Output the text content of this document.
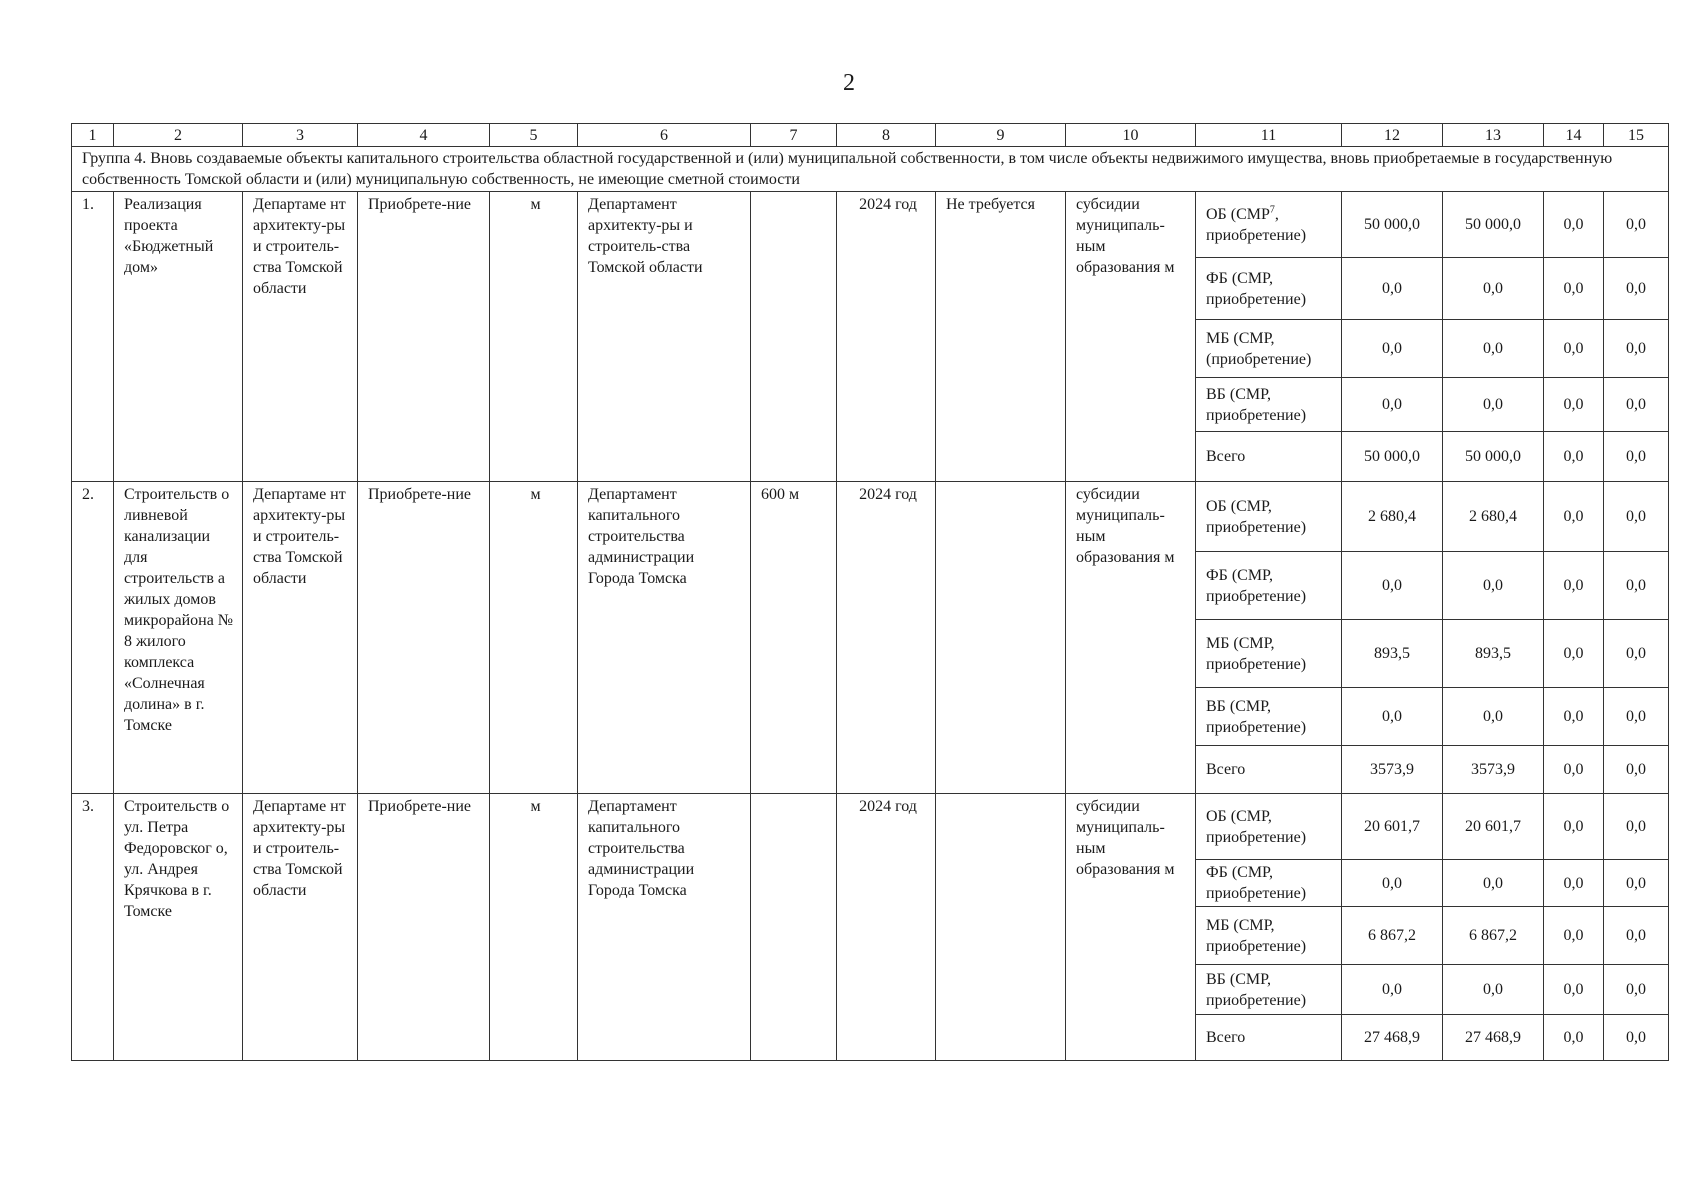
2
1	2	3	4	5	6	7	8	9	10	11	12	13	14	15
Группа 4. Вновь создаваемые объекты капитального строительства областной государственной и (или) муниципальной собственности, в том числе объекты недвижимого имущества, вновь приобретаемые в государственную собственность Томской области и (или) муниципальную собственность, не имеющие сметной стоимости														
1.	Реализация проекта «Бюджетный дом»	Департаме нт архитекту-ры и строитель-ства Томской области	Приобрете-ние	м	Департамент архитекту-ры и строитель-ства Томской области		2024 год	Не требуется	субсидии муниципаль-ным образования м	ОБ (СМР$^7$, приобретение)	50 000,0	50 000,0	0,0	0,0
										ФБ (СМР, приобретение)	0,0	0,0	0,0	0,0
										МБ (СМР, (приобретение)	0,0	0,0	0,0	0,0
										ВБ (СМР, приобретение)	0,0	0,0	0,0	0,0
										Всего	50 000,0	50 000,0	0,0	0,0
2.	Строительств о ливневой канализации для строительств а жилых домов микрорайона № 8 жилого комплекса «Солнечная долина» в г. Томске	Департаме нт архитекту-ры и строитель-ства Томской области	Приобрете-ние	м	Департамент капитального строительства администрации Города Томска	600 м	2024 год		субсидии муниципаль-ным образования м	ОБ (СМР, приобретение)	2 680,4	2 680,4	0,0	0,0
										ФБ (СМР, приобретение)	0,0	0,0	0,0	0,0
										МБ (СМР, приобретение)	893,5	893,5	0,0	0,0
										ВБ (СМР, приобретение)	0,0	0,0	0,0	0,0
										Всего	3573,9	3573,9	0,0	0,0
3.	Строительств о ул. Петра Федоровског о, ул. Андрея Крячкова в г. Томске	Департаме нт архитекту-ры и строитель-ства Томской области	Приобрете-ние	м	Департамент капитального строительства администрации Города Томска		2024 год		субсидии муниципаль-ным образования м	ОБ (СМР, приобретение)	20 601,7	20 601,7	0,0	0,0
										ФБ (СМР, приобретение)	0,0	0,0	0,0	0,0
										МБ (СМР, приобретение)	6 867,2	6 867,2	0,0	0,0
										ВБ (СМР, приобретение)	0,0	0,0	0,0	0,0
										Всего	27 468,9	27 468,9	0,0	0,0
